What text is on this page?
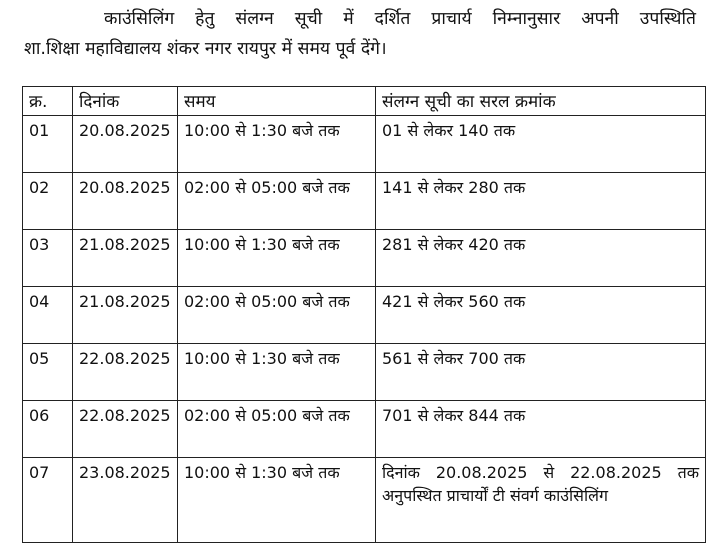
काउंसिलिंग हेतु संलग्न सूची में दर्शित प्राचार्य निम्नानुसार अपनी उपस्थिति
शा.शिक्षा महाविद्यालय शंकर नगर रायपुर में समय पूर्व देंगे।
क्र.	दिनांक	समय	संलग्न सूची का सरल क्रमांक
01	20.08.2025	10:00 से 1:30 बजे तक	01 से लेकर 140 तक
02	20.08.2025	02:00 से 05:00 बजे तक	141 से लेकर 280 तक
03	21.08.2025	10:00 से 1:30 बजे तक	281 से लेकर 420 तक
04	21.08.2025	02:00 से 05:00 बजे तक	421 से लेकर 560 तक
05	22.08.2025	10:00 से 1:30 बजे तक	561 से लेकर 700 तक
06	22.08.2025	02:00 से 05:00 बजे तक	701 से लेकर 844 तक
07	23.08.2025	10:00 से 1:30 बजे तक	दिनांक 20.08.2025 से 22.08.2025 तक अनुपस्थित प्राचार्यों टी संवर्ग काउंसिलिंग
